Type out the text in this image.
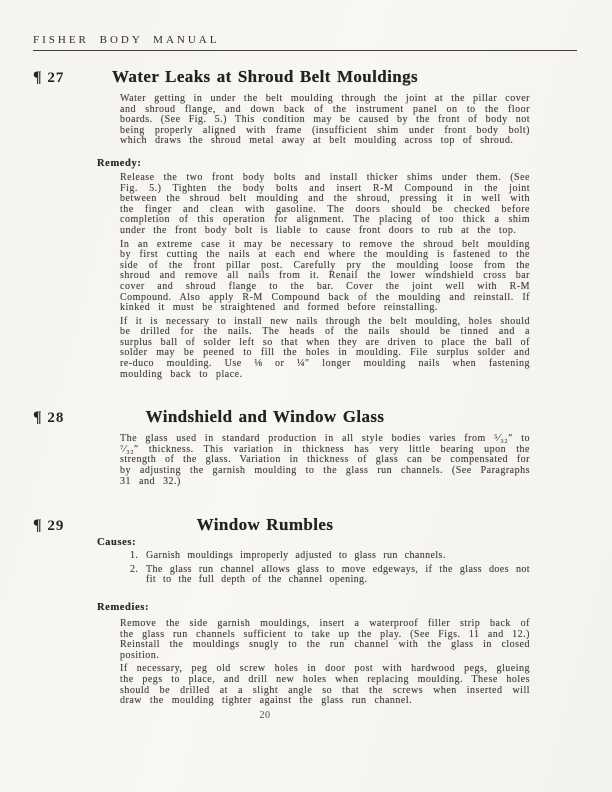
FISHER BODY MANUAL
¶ 27	Water Leaks at Shroud Belt Mouldings

Water getting in under the belt moulding through the joint at the pillar cover and shroud flange, and down back of the instrument panel on to the floor boards. (See Fig. 5.) This condition may be caused by the front of body not being properly aligned with frame (insufficient shim under front body bolt) which draws the shroud metal away at belt moulding across top of shroud.

Remedy:

Release the two front body bolts and install thicker shims under them. (See Fig. 5.) Tighten the body bolts and insert R-M Compound in the joint between the shroud belt moulding and the shroud, pressing it in well with the finger and clean with gasoline. The doors should be checked before completion of this operation for alignment. The placing of too thick a shim under the front body bolt is liable to cause front doors to rub at the top.

In an extreme case it may be necessary to remove the shroud belt moulding by first cutting the nails at each end where the moulding is fastened to the side of the front pillar post. Carefully pry the moulding loose from the shroud and remove all nails from it. Renail the lower windshield cross bar cover and shroud flange to the bar. Cover the joint well with R-M Compound. Also apply R-M Compound back of the moulding and reinstall. If kinked it must be straightened and formed before reinstalling.

If it is necessary to install new nails through the belt moulding, holes should be drilled for the nails. The heads of the nails should be tinned and a surplus ball of solder left so that when they are driven to place the ball of solder may be peened to fill the holes in moulding. File surplus solder and re-duco moulding. Use ⅛ or ¼″ longer moulding nails when fastening moulding back to place.

¶ 28	Windshield and Window Glass

The glass used in standard production in all style bodies varies from ⁵⁄₃₂″ to ⁷⁄₃₂″ thickness. This variation in thickness has very little bearing upon the strength of the glass. Variation in thickness of glass can be compensated for by adjusting the garnish moulding to the glass run channels. (See Paragraphs 31 and 32.)

¶ 29	Window Rumbles
Causes:
1. Garnish mouldings improperly adjusted to glass run channels.
2. The glass run channel allows glass to move edgeways, if the glass does not fit to the full depth of the channel opening.
Remedies:

Remove the side garnish mouldings, insert a waterproof filler strip back of the glass run channels sufficient to take up the play. (See Figs. 11 and 12.) Reinstall the mouldings snugly to the run channel with the glass in closed position.

If necessary, peg old screw holes in door post with hardwood pegs, glueing the pegs to place, and drill new holes when replacing moulding. These holes should be drilled at a slight angle so that the screws when inserted will draw the moulding tighter against the glass run channel.

20
